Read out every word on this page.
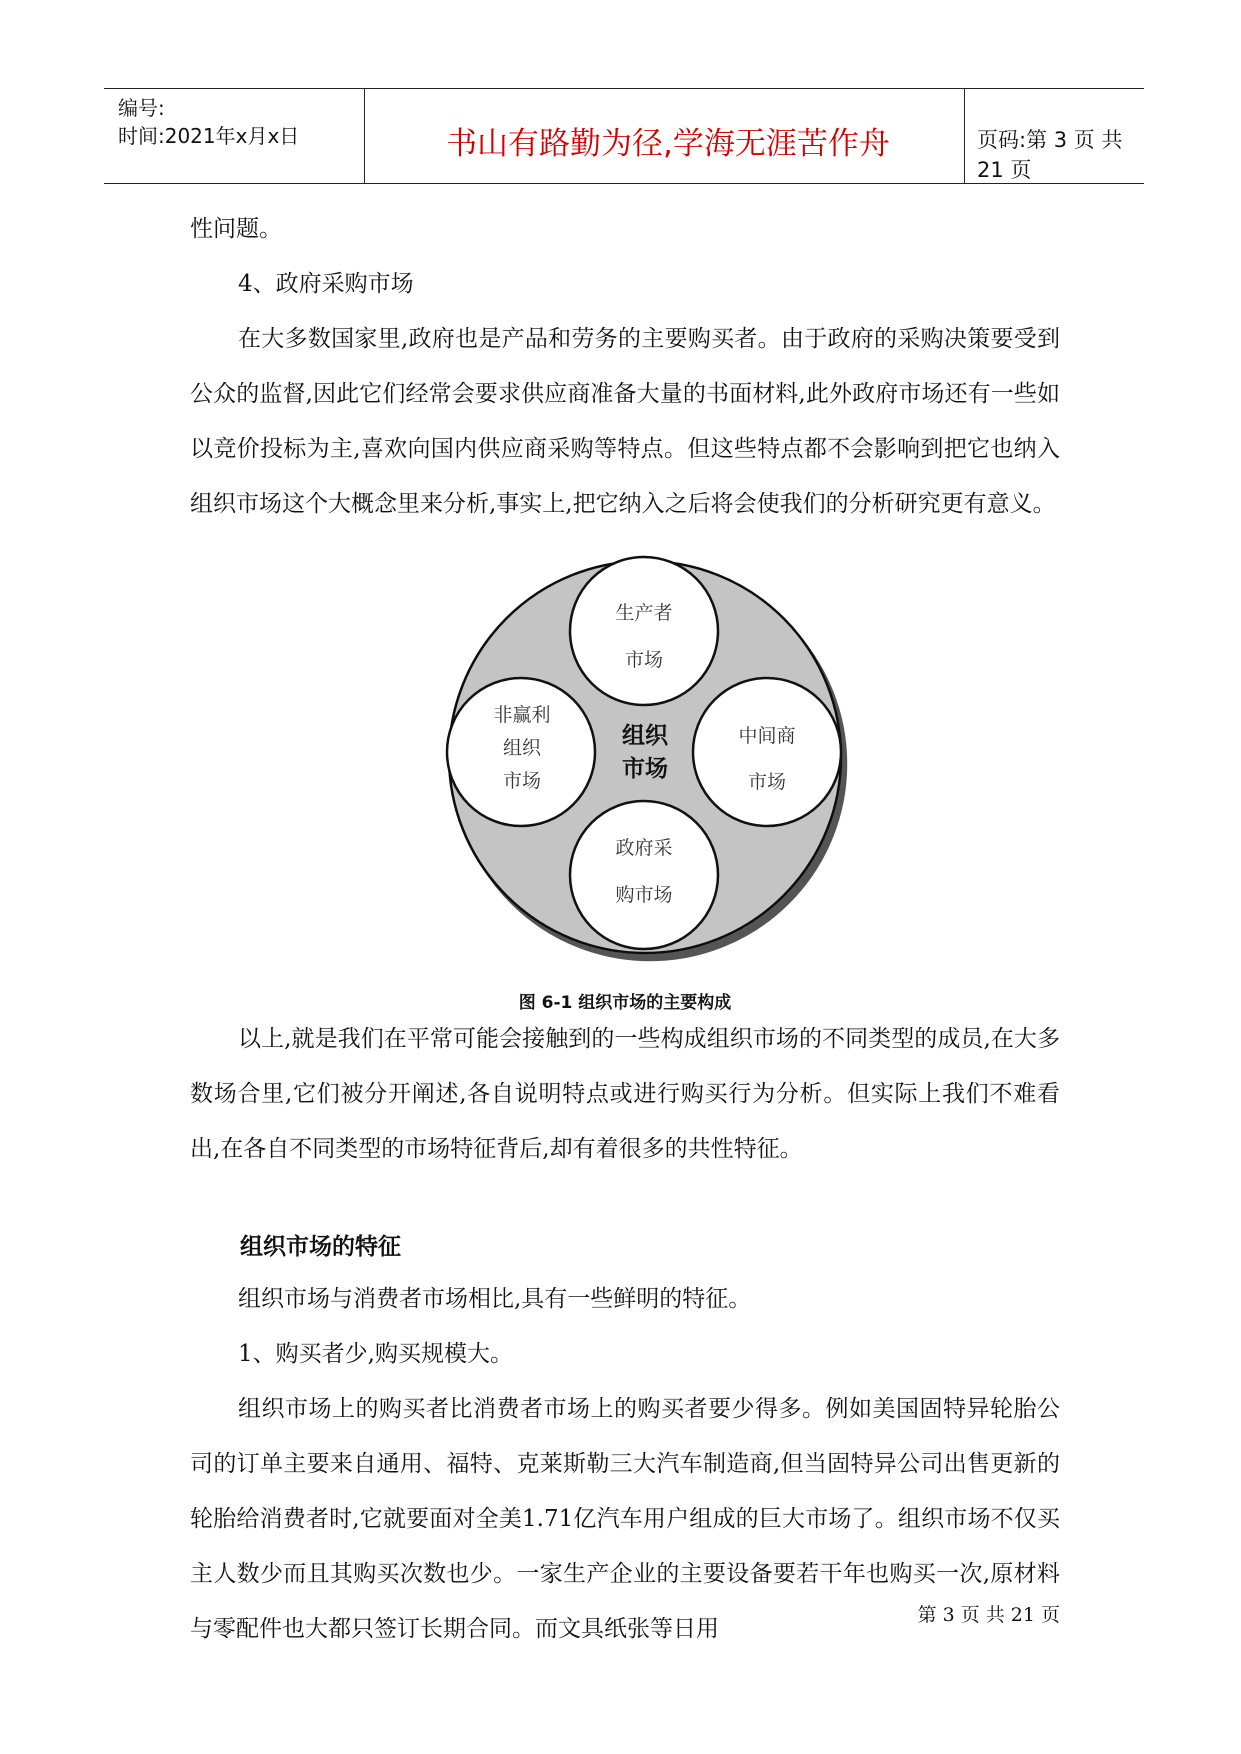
编号:
时间:2021年x月x日	书山有路勤为径,学海无涯苦作舟	页码:第 3 页 共 21 页

性问题。

4、政府采购市场

在大多数国家里,政府也是产品和劳务的主要购买者。由于政府的采购决策要受到公众的监督,因此它们经常会要求供应商准备大量的书面材料,此外政府市场还有一些如以竞价投标为主,喜欢向国内供应商采购等特点。但这些特点都不会影响到把它也纳入组织市场这个大概念里来分析,事实上,把它纳入之后将会使我们的分析研究更有意义。

组织
市场
生产者
市场
中间商
市场
政府采
购市场
非赢利
组织
市场
图 6-1 组织市场的主要构成

以上,就是我们在平常可能会接触到的一些构成组织市场的不同类型的成员,在大多数场合里,它们被分开阐述,各自说明特点或进行购买行为分析。但实际上我们不难看出,在各自不同类型的市场特征背后,却有着很多的共性特征。

组织市场的特征

组织市场与消费者市场相比,具有一些鲜明的特征。

1、购买者少,购买规模大。

组织市场上的购买者比消费者市场上的购买者要少得多。例如美国固特异轮胎公司的订单主要来自通用、福特、克莱斯勒三大汽车制造商,但当固特异公司出售更新的轮胎给消费者时,它就要面对全美1.71亿汽车用户组成的巨大市场了。组织市场不仅买主人数少而且其购买次数也少。一家生产企业的主要设备要若干年也购买一次,原材料与零配件也大都只签订长期合同。而文具纸张等日用

第 3 页 共 21 页
